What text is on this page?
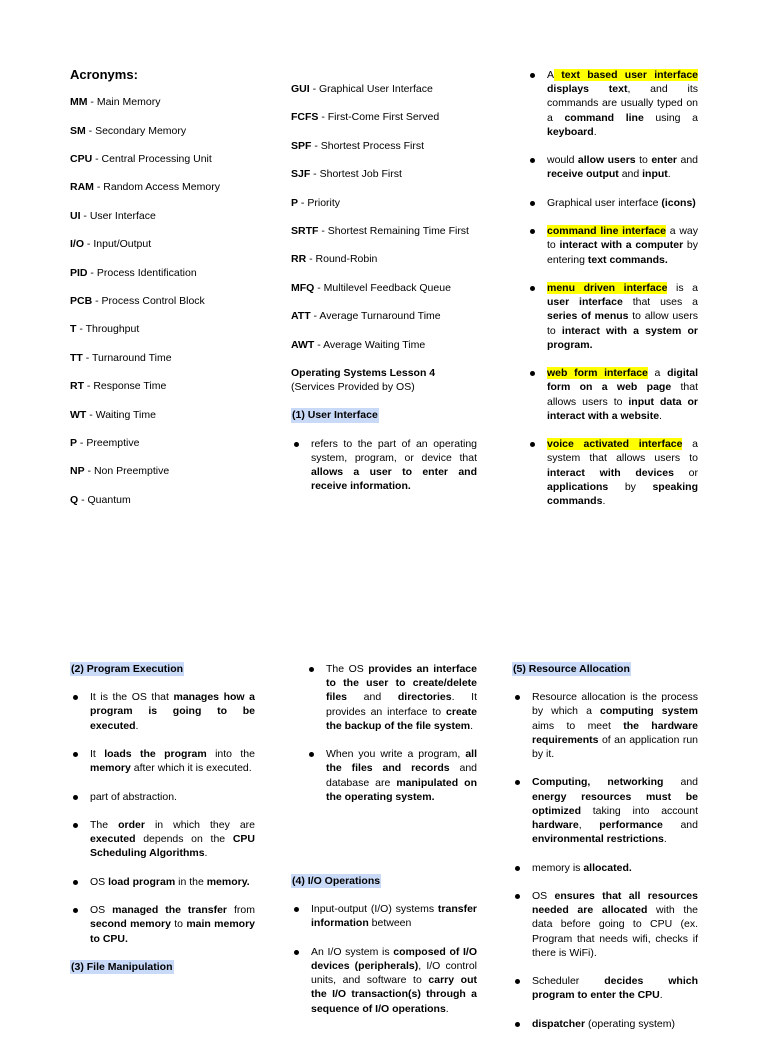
Acronyms:
MM - Main Memory
SM - Secondary Memory
CPU - Central Processing Unit
RAM - Random Access Memory
UI - User Interface
I/O - Input/Output
PID - Process Identification
PCB - Process Control Block
T - Throughput
TT - Turnaround Time
RT - Response Time
WT - Waiting Time
P - Preemptive
NP - Non Preemptive
Q - Quantum
GUI - Graphical User Interface
FCFS - First-Come First Served
SPF - Shortest Process First
SJF - Shortest Job First
P - Priority
SRTF - Shortest Remaining Time First
RR - Round-Robin
MFQ - Multilevel Feedback Queue
ATT - Average Turnaround Time
AWT - Average Waiting Time
Operating Systems Lesson 4
(Services Provided by OS)
(1) User Interface
refers to the part of an operating system, program, or device that allows a user to enter and receive information.
A text based user interface displays text, and its commands are usually typed on a command line using a keyboard.
would allow users to enter and receive output and input.
Graphical user interface (icons)
command line interface a way to interact with a computer by entering text commands.
menu driven interface is a user interface that uses a series of menus to allow users to interact with a system or program.
web form interface a digital form on a web page that allows users to input data or interact with a website.
voice activated interface a system that allows users to interact with devices or applications by speaking commands.
(2) Program Execution
It is the OS that manages how a program is going to be executed.
It loads the program into the memory after which it is executed.
part of abstraction.
The order in which they are executed depends on the CPU Scheduling Algorithms.
OS load program in the memory.
OS managed the transfer from second memory to main memory to CPU.
(3) File Manipulation
The OS provides an interface to the user to create/delete files and directories. It provides an interface to create the backup of the file system.
When you write a program, all the files and records and database are manipulated on the operating system.
(4) I/O Operations
Input-output (I/O) systems transfer information between
An I/O system is composed of I/O devices (peripherals), I/O control units, and software to carry out the I/O transaction(s) through a sequence of I/O operations.
(5) Resource Allocation
Resource allocation is the process by which a computing system aims to meet the hardware requirements of an application run by it.
Computing, networking and energy resources must be optimized taking into account hardware, performance and environmental restrictions.
memory is allocated.
OS ensures that all resources needed are allocated with the data before going to CPU (ex. Program that needs wifi, checks if there is WiFi).
Scheduler decides which program to enter the CPU.
dispatcher (operating system)
